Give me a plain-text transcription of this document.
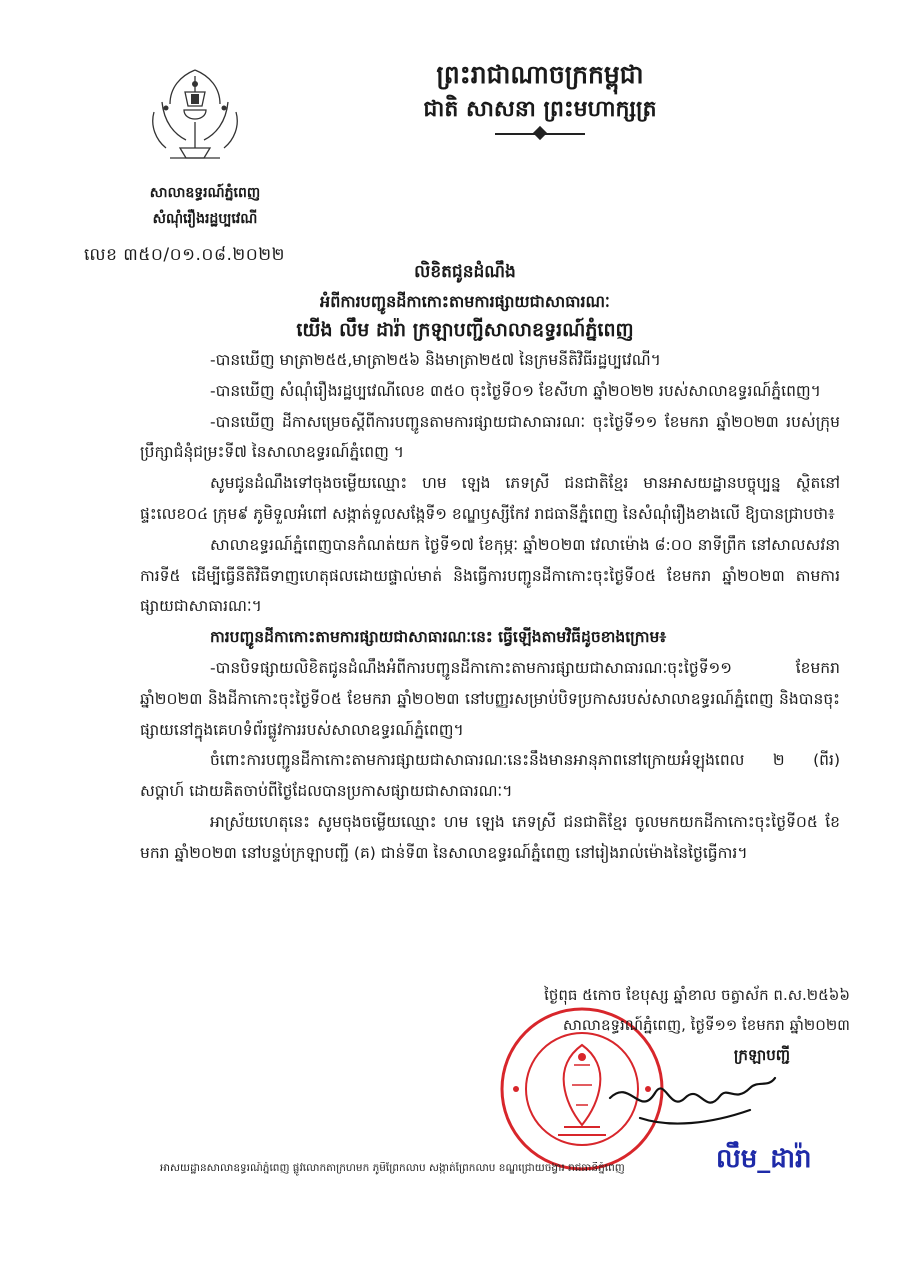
ព្រះរាជាណាចក្រកម្ពុជា
ជាតិ សាសនា ព្រះមហាក្សត្រ
សាលាឧទ្ធរណ៍ភ្នំពេញ
សំណុំរឿងរដ្ឋប្បវេណី
លេខ ៣៥០/០១.០៨.២០២២
លិខិតជូនដំណឹង
អំពីការបញ្ជូនដីកាកោះតាមការផ្សាយជាសាធារណៈ
យើង លឹម ដារ៉ា ក្រឡាបញ្ជីសាលាឧទ្ធរណ៍ភ្នំពេញ

-បានឃើញ មាត្រា២៥៥,មាត្រា២៥៦ និងមាត្រា២៥៧ នៃក្រមនីតិវិធីរដ្ឋប្បវេណី។

-បានឃើញ សំណុំរឿងរដ្ឋប្បវេណីលេខ ៣៥០ ចុះថ្ងៃទី០១ ខែសីហា ឆ្នាំ២០២២ របស់សាលាឧទ្ធរណ៍ភ្នំពេញ។

-បានឃើញ ដីកាសម្រេចស្តីពីការបញ្ជូនតាមការផ្សាយជាសាធារណៈ ចុះថ្ងៃទី១១ ខែមករា ឆ្នាំ២០២៣ របស់ក្រុមប្រឹក្សាជំនុំជម្រះទី៧ នៃសាលាឧទ្ធរណ៍ភ្នំពេញ ។

សូមជូនដំណឹងទៅចុងចម្លើយឈ្មោះ ហម ឡេង ភេទស្រី ជនជាតិខ្មែរ មានអាសយដ្ឋានបច្ចុប្បន្ន ស្ថិតនៅផ្ទះលេខ០៤ ក្រុម៩ ភូមិទួលអំពៅ សង្កាត់ទួលសង្កែទី១ ខណ្ឌឫស្សីកែវ រាជធានីភ្នំពេញ នៃសំណុំរឿងខាងលើ ឱ្យបានជ្រាបថា៖

សាលាឧទ្ធរណ៍ភ្នំពេញបានកំណត់យក ថ្ងៃទី១៧ ខែកុម្ភៈ ឆ្នាំ២០២៣ វេលាម៉ោង ៨:០០ នាទីព្រឹក នៅសាលសវនាការទី៥ ដើម្បីធ្វើនីតិវិធីទាញហេតុផលដោយផ្ទាល់មាត់ និងធ្វើការបញ្ជូនដីកាកោះចុះថ្ងៃទី០៥ ខែមករា ឆ្នាំ២០២៣ តាមការផ្សាយជាសាធារណៈ។

ការបញ្ជូនដីកាកោះតាមការផ្សាយជាសាធារណៈនេះ ធ្វើឡើងតាមវិធីដូចខាងក្រោម៖

-បានបិទផ្សាយលិខិតជូនដំណឹងអំពីការបញ្ជូនដីកាកោះតាមការផ្សាយជាសាធារណៈចុះថ្ងៃទី១១ ខែមករា ឆ្នាំ២០២៣ និងដីកាកោះចុះថ្ងៃទី០៥ ខែមករា ឆ្នាំ២០២៣ នៅបញ្ញរសម្រាប់បិទប្រកាសរបស់សាលាឧទ្ធរណ៍ភ្នំពេញ និងបានចុះផ្សាយនៅក្នុងគេហទំព័រផ្លូវការរបស់សាលាឧទ្ធរណ៍ភ្នំពេញ។

ចំពោះការបញ្ជូនដីកាកោះតាមការផ្សាយជាសាធារណៈនេះនឹងមានអានុភាពនៅក្រោយអំឡុងពេល ២ (ពីរ) សប្តាហ៍ ដោយគិតចាប់ពីថ្ងៃដែលបានប្រកាសផ្សាយជាសាធារណៈ។

អាស្រ័យហេតុនេះ សូមចុងចម្លើយឈ្មោះ ហម ឡេង ភេទស្រី ជនជាតិខ្មែរ ចូលមកយកដីកាកោះចុះថ្ងៃទី០៥ ខែមករា ឆ្នាំ២០២៣ នៅបន្ទប់ក្រឡាបញ្ជី (គ) ជាន់ទី៣ នៃសាលាឧទ្ធរណ៍ភ្នំពេញ នៅរៀងរាល់ម៉ោងនៃថ្ងៃធ្វើការ។

ថ្ងៃពុធ ៥កោច ខែបុស្ស ឆ្នាំខាល ចត្វាស័ក ព.ស.២៥៦៦
សាលាឧទ្ធរណ៍ភ្នំពេញ, ថ្ងៃទី១១ ខែមករា ឆ្នាំ២០២៣
ក្រឡាបញ្ជី
លឹម_ដារ៉ា
អាសយដ្ឋានសាលាឧទ្ធរណ៍ភ្នំពេញ ផ្លូវលោកតាក្រហមក ភូមិព្រែកលាប សង្កាត់ព្រែកលាប ខណ្ឌជ្រោយចង្វារ រាជធានីភ្នំពេញ
